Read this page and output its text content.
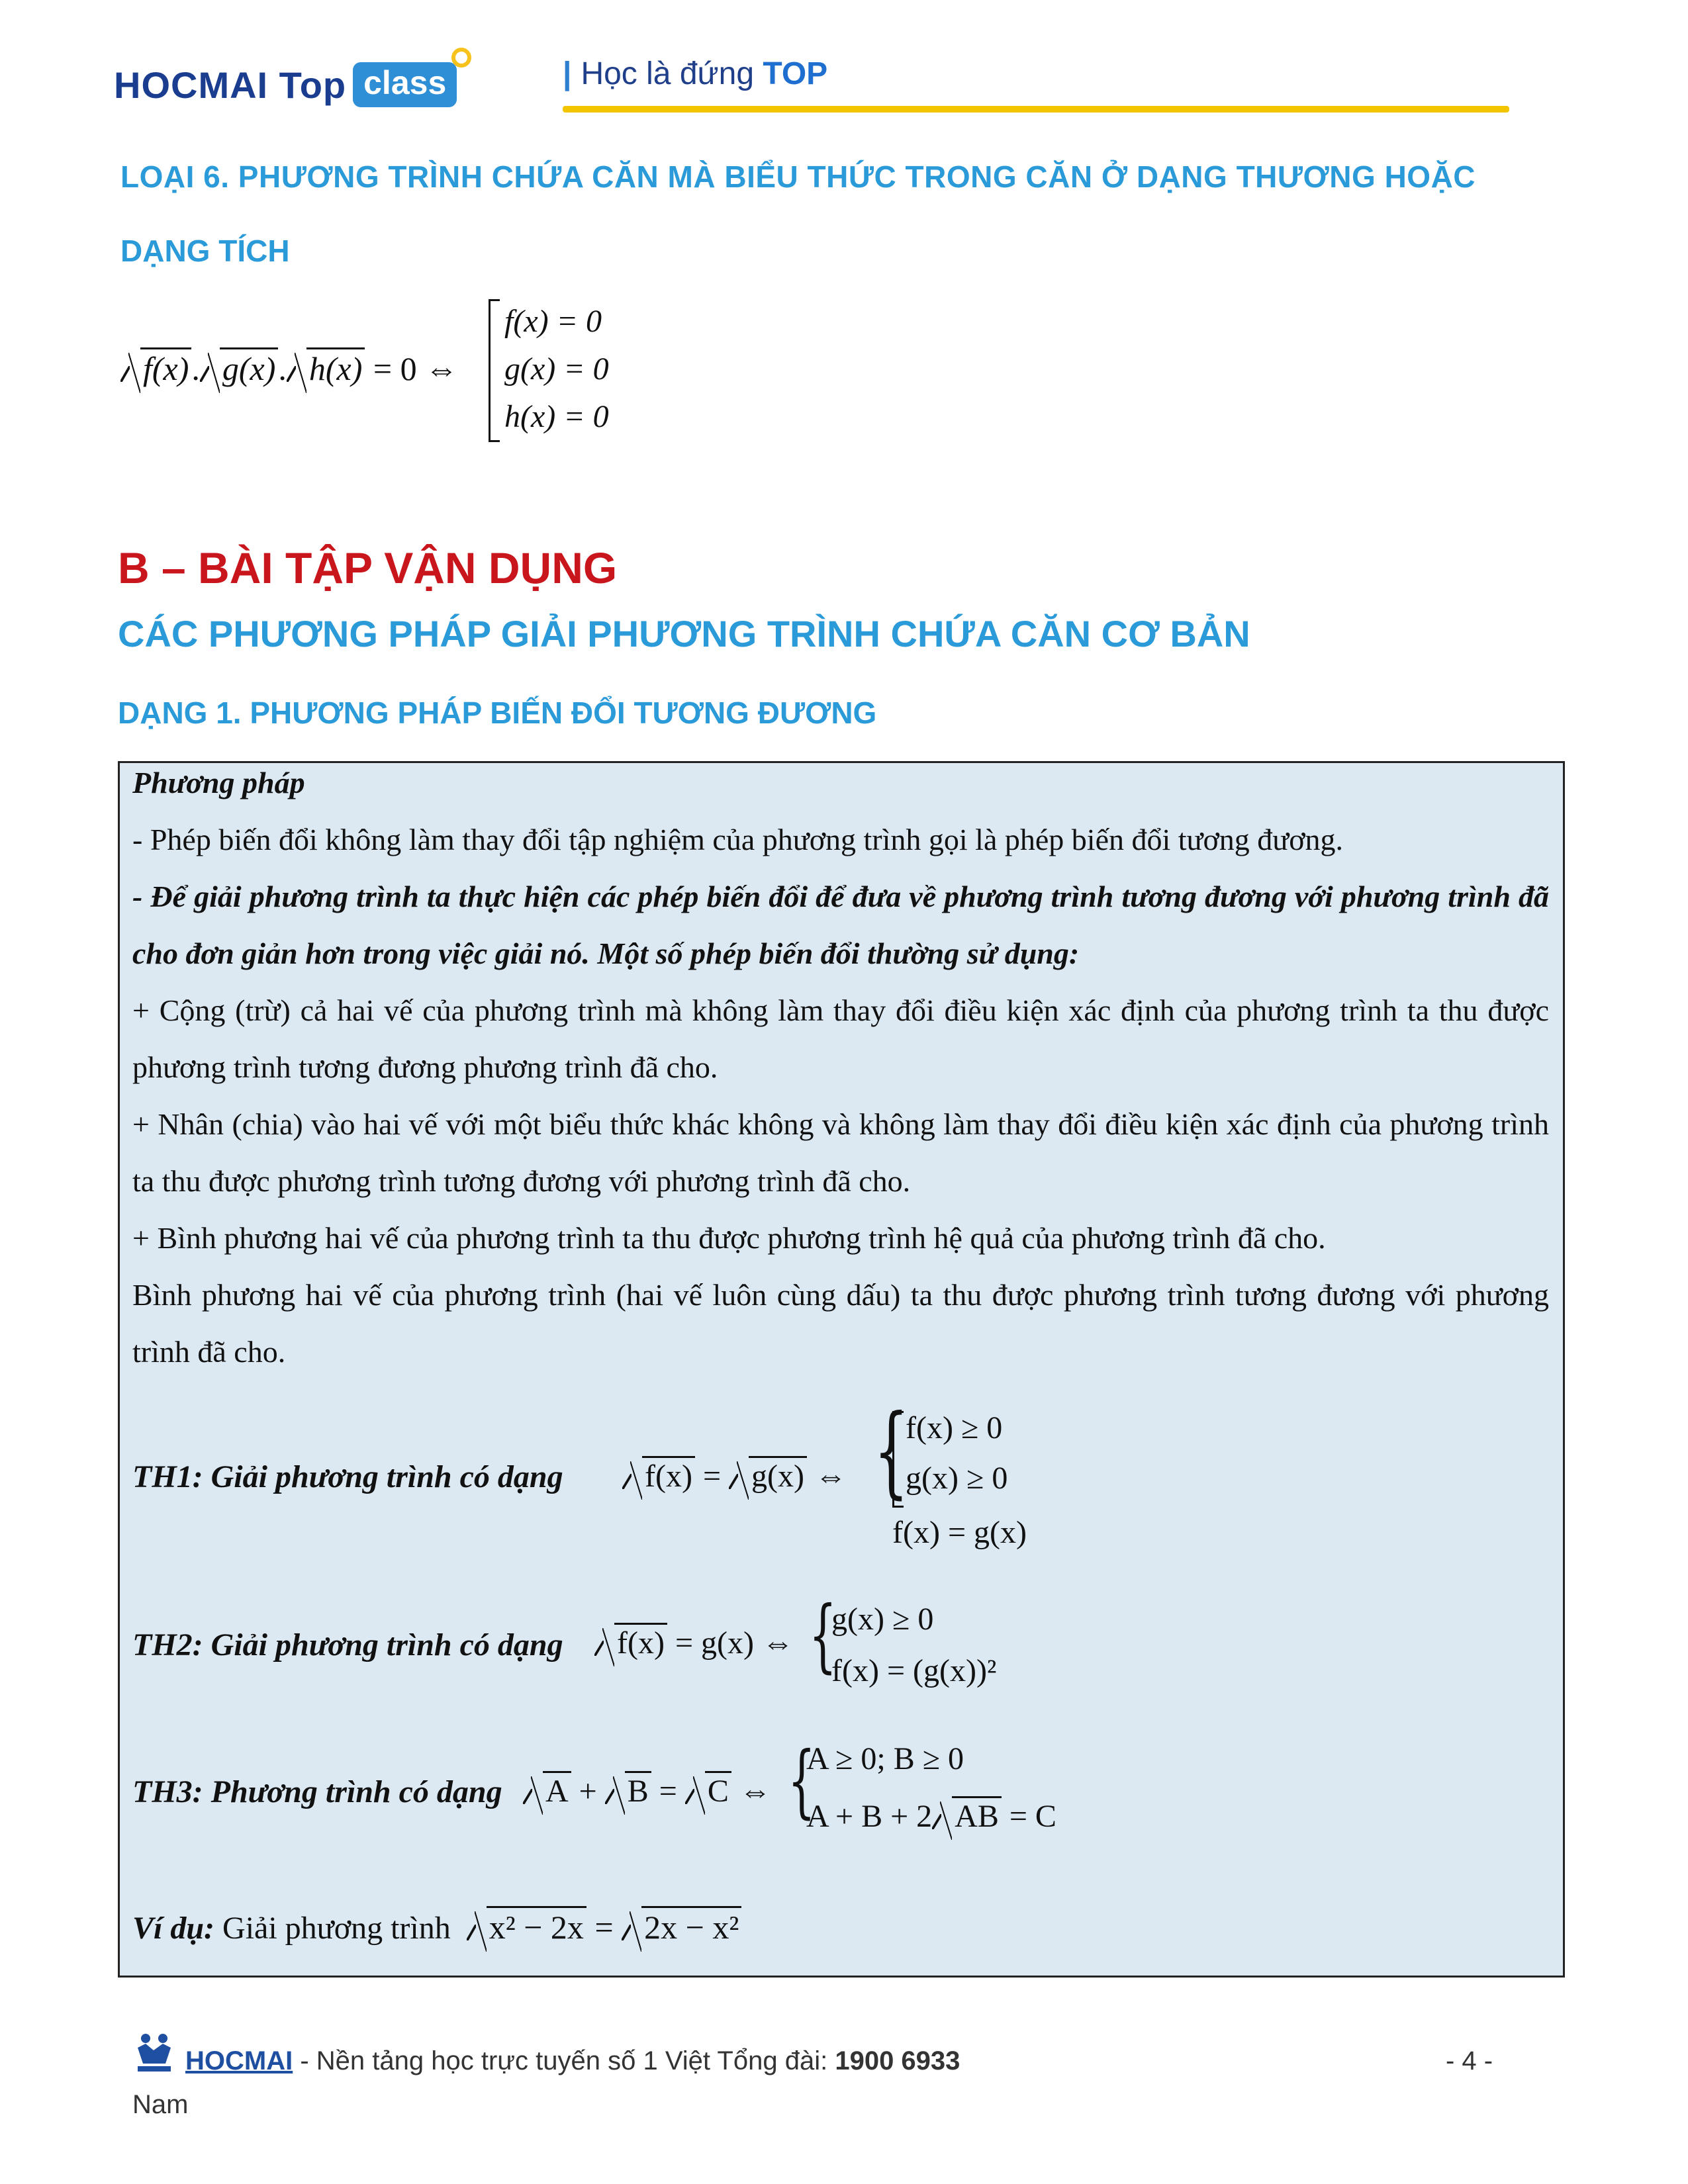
HOCMAI Top class	| Học là đứng TOP
LOẠI 6. PHƯƠNG TRÌNH CHỨA CĂN MÀ BIỂU THỨC TRONG CĂN Ở DẠNG THƯƠNG HOẶC
DẠNG TÍCH
f(x). g(x). h(x) = 0 ⇔
f(x) = 0
g(x) = 0
h(x) = 0
B – BÀI TẬP VẬN DỤNG
CÁC PHƯƠNG PHÁP GIẢI PHƯƠNG TRÌNH CHỨA CĂN CƠ BẢN
DẠNG 1. PHƯƠNG PHÁP BIẾN ĐỔI TƯƠNG ĐƯƠNG
Phương pháp
- Phép biến đổi không làm thay đổi tập nghiệm của phương trình gọi là phép biến đổi tương đương.
- Để giải phương trình ta thực hiện các phép biến đổi để đưa về phương trình tương đương với phương trình đã cho đơn giản hơn trong việc giải nó. Một số phép biến đổi thường sử dụng:
+ Cộng (trừ) cả hai vế của phương trình mà không làm thay đổi điều kiện xác định của phương trình ta thu được phương trình tương đương phương trình đã cho.
+ Nhân (chia) vào hai vế với một biểu thức khác không và không làm thay đổi điều kiện xác định của phương trình ta thu được phương trình tương đương với phương trình đã cho.
+ Bình phương hai vế của phương trình ta thu được phương trình hệ quả của phương trình đã cho.
Bình phương hai vế của phương trình (hai vế luôn cùng dấu) ta thu được phương trình tương đương với phương trình đã cho.
TH1: Giải phương trình có dạng	f(x) = g(x) ⇔ {
f(x) ≥ 0
g(x) ≥ 0
f(x) = g(x)
TH2: Giải phương trình có dạng	f(x) = g(x) ⇔ {
g(x) ≥ 0
f(x) = (g(x))²
TH3: Phương trình có dạng	A + B = C ⇔ {
A ≥ 0; B ≥ 0
A + B + 2 AB = C
Ví dụ: Giải phương trình x² − 2x = 2x − x²
HOCMAI - Nền tảng học trực tuyến số 1 Việt Tổng đài: 1900 6933	- 4 -
Nam
